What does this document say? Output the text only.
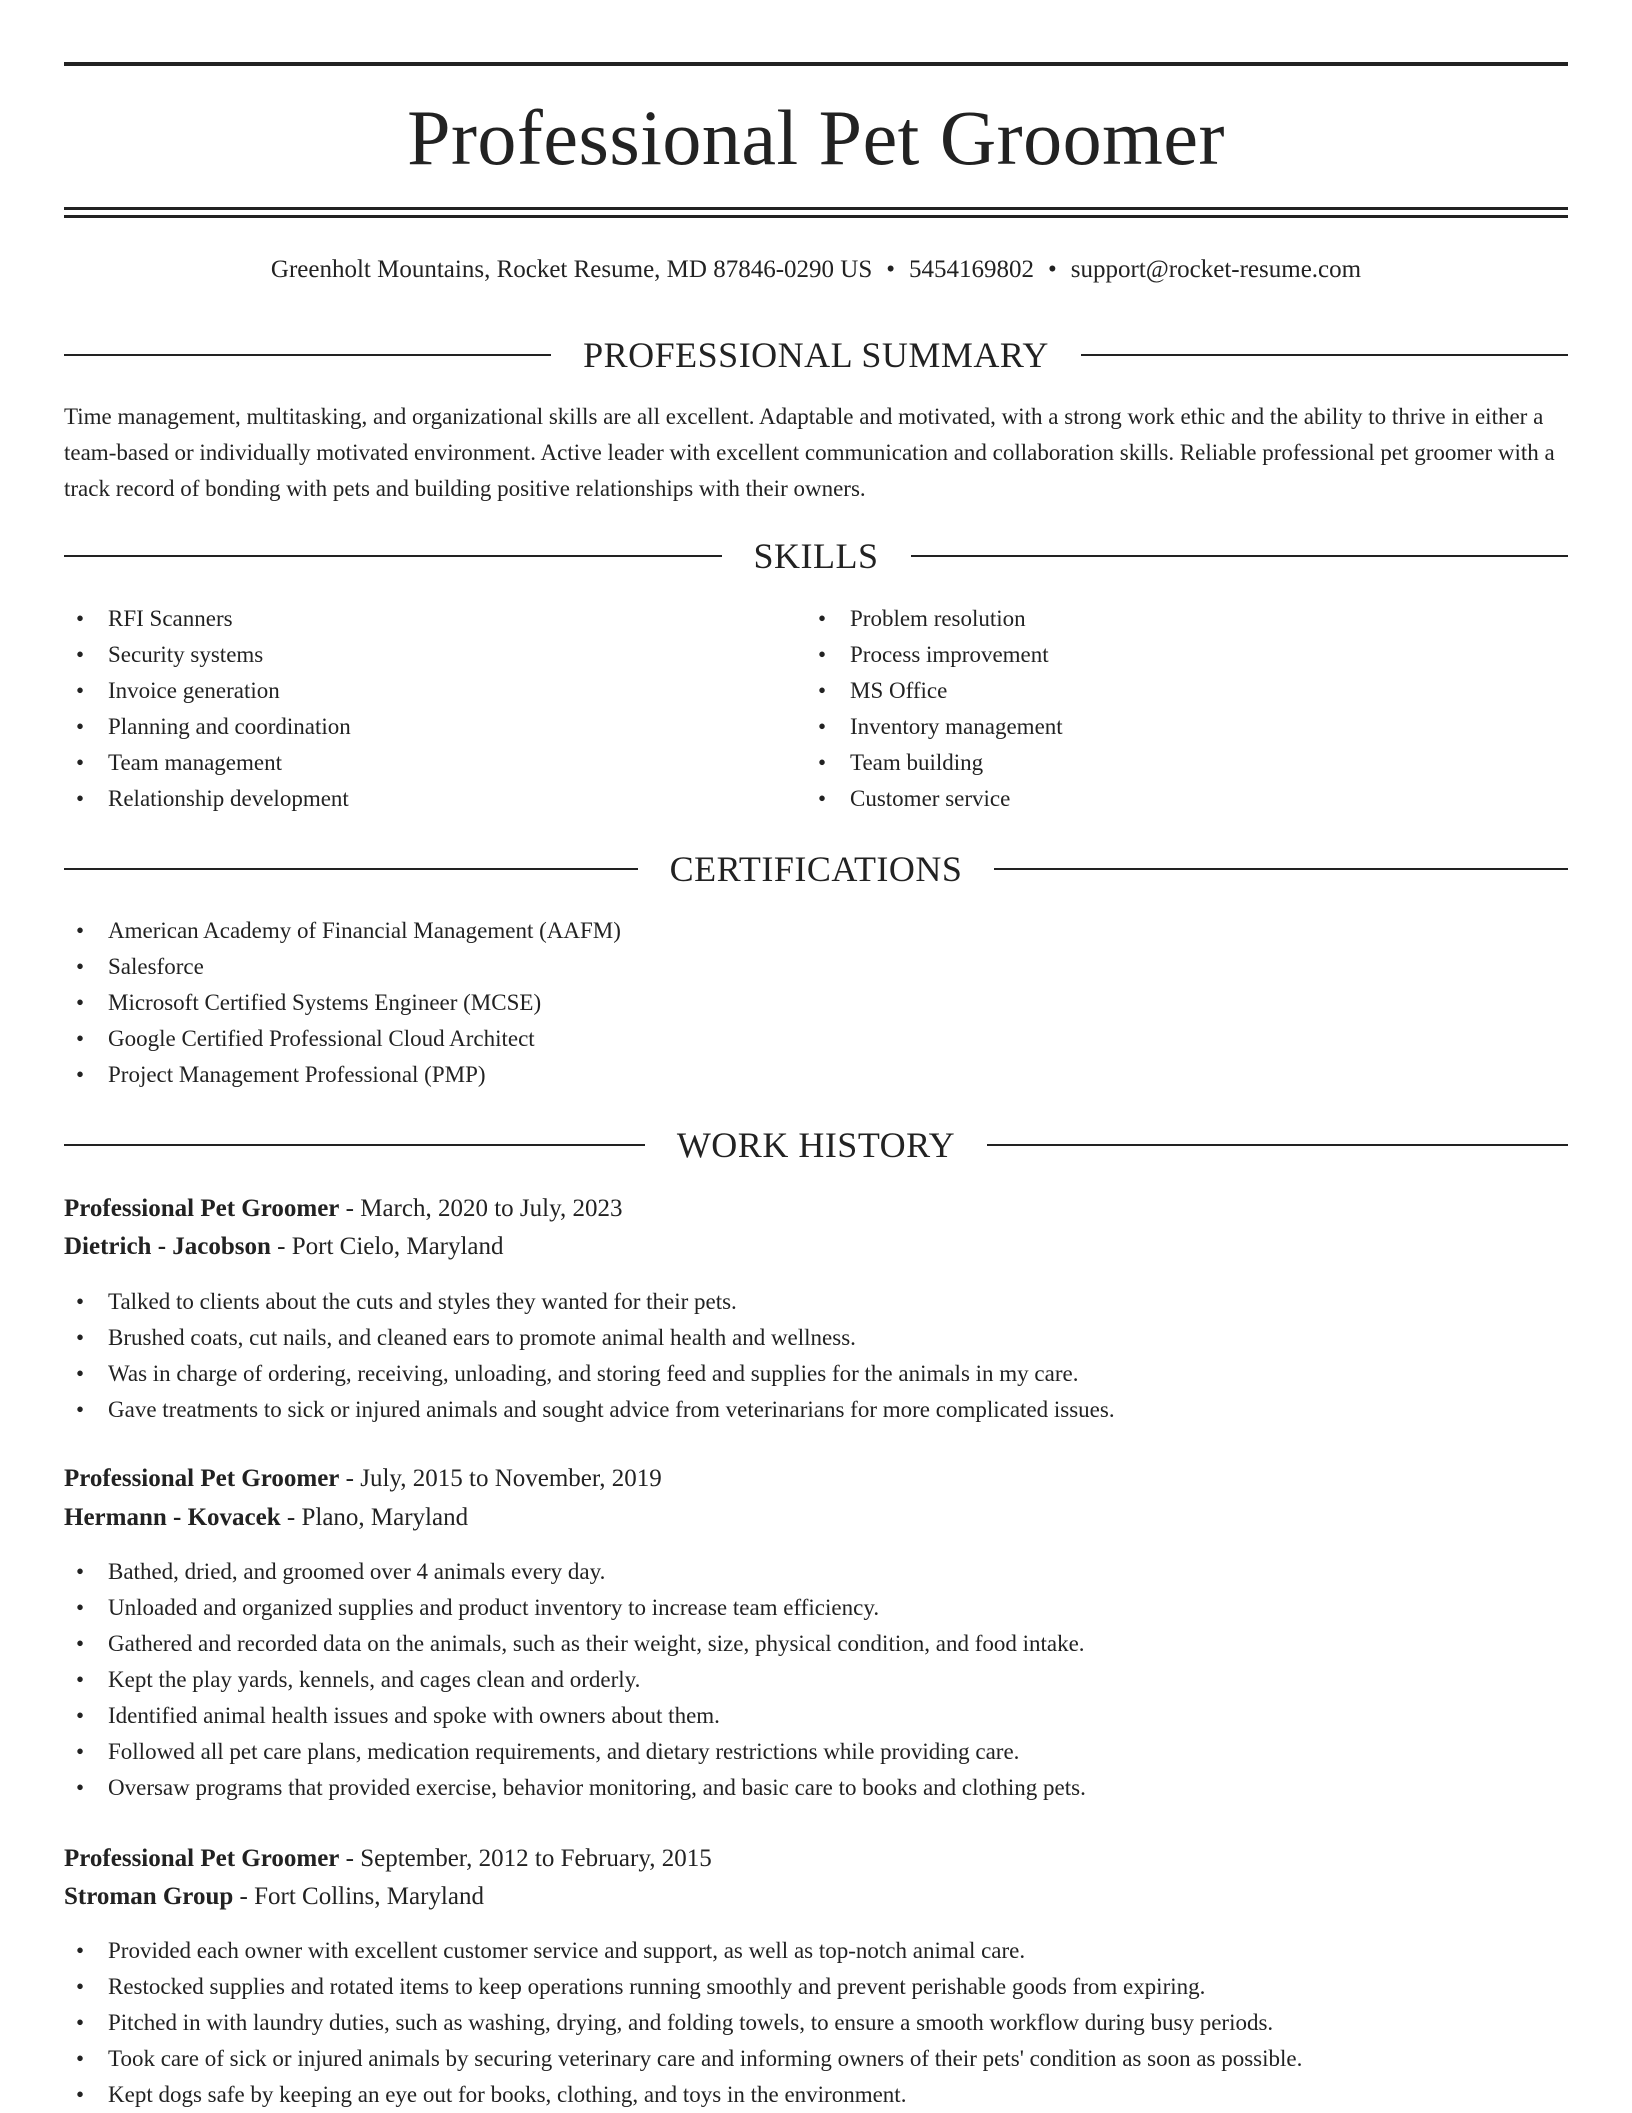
Professional Pet Groomer
Greenholt Mountains, Rocket Resume, MD 87846-0290 US • 5454169802 • support@rocket-resume.com
PROFESSIONAL SUMMARY
Time management, multitasking, and organizational skills are all excellent. Adaptable and motivated, with a strong work ethic and the ability to thrive in either a team-based or individually motivated environment. Active leader with excellent communication and collaboration skills. Reliable professional pet groomer with a track record of bonding with pets and building positive relationships with their owners.
SKILLS
• RFI Scanners
• Security systems
• Invoice generation
• Planning and coordination
• Team management
• Relationship development
• Problem resolution
• Process improvement
• MS Office
• Inventory management
• Team building
• Customer service
CERTIFICATIONS
• American Academy of Financial Management (AAFM)
• Salesforce
• Microsoft Certified Systems Engineer (MCSE)
• Google Certified Professional Cloud Architect
• Project Management Professional (PMP)
WORK HISTORY
Professional Pet Groomer - March, 2020 to July, 2023
Dietrich - Jacobson - Port Cielo, Maryland
• Talked to clients about the cuts and styles they wanted for their pets.
• Brushed coats, cut nails, and cleaned ears to promote animal health and wellness.
• Was in charge of ordering, receiving, unloading, and storing feed and supplies for the animals in my care.
• Gave treatments to sick or injured animals and sought advice from veterinarians for more complicated issues.
Professional Pet Groomer - July, 2015 to November, 2019
Hermann - Kovacek - Plano, Maryland
• Bathed, dried, and groomed over 4 animals every day.
• Unloaded and organized supplies and product inventory to increase team efficiency.
• Gathered and recorded data on the animals, such as their weight, size, physical condition, and food intake.
• Kept the play yards, kennels, and cages clean and orderly.
• Identified animal health issues and spoke with owners about them.
• Followed all pet care plans, medication requirements, and dietary restrictions while providing care.
• Oversaw programs that provided exercise, behavior monitoring, and basic care to books and clothing pets.
Professional Pet Groomer - September, 2012 to February, 2015
Stroman Group - Fort Collins, Maryland
• Provided each owner with excellent customer service and support, as well as top-notch animal care.
• Restocked supplies and rotated items to keep operations running smoothly and prevent perishable goods from expiring.
• Pitched in with laundry duties, such as washing, drying, and folding towels, to ensure a smooth workflow during busy periods.
• Took care of sick or injured animals by securing veterinary care and informing owners of their pets' condition as soon as possible.
• Kept dogs safe by keeping an eye out for books, clothing, and toys in the environment.
